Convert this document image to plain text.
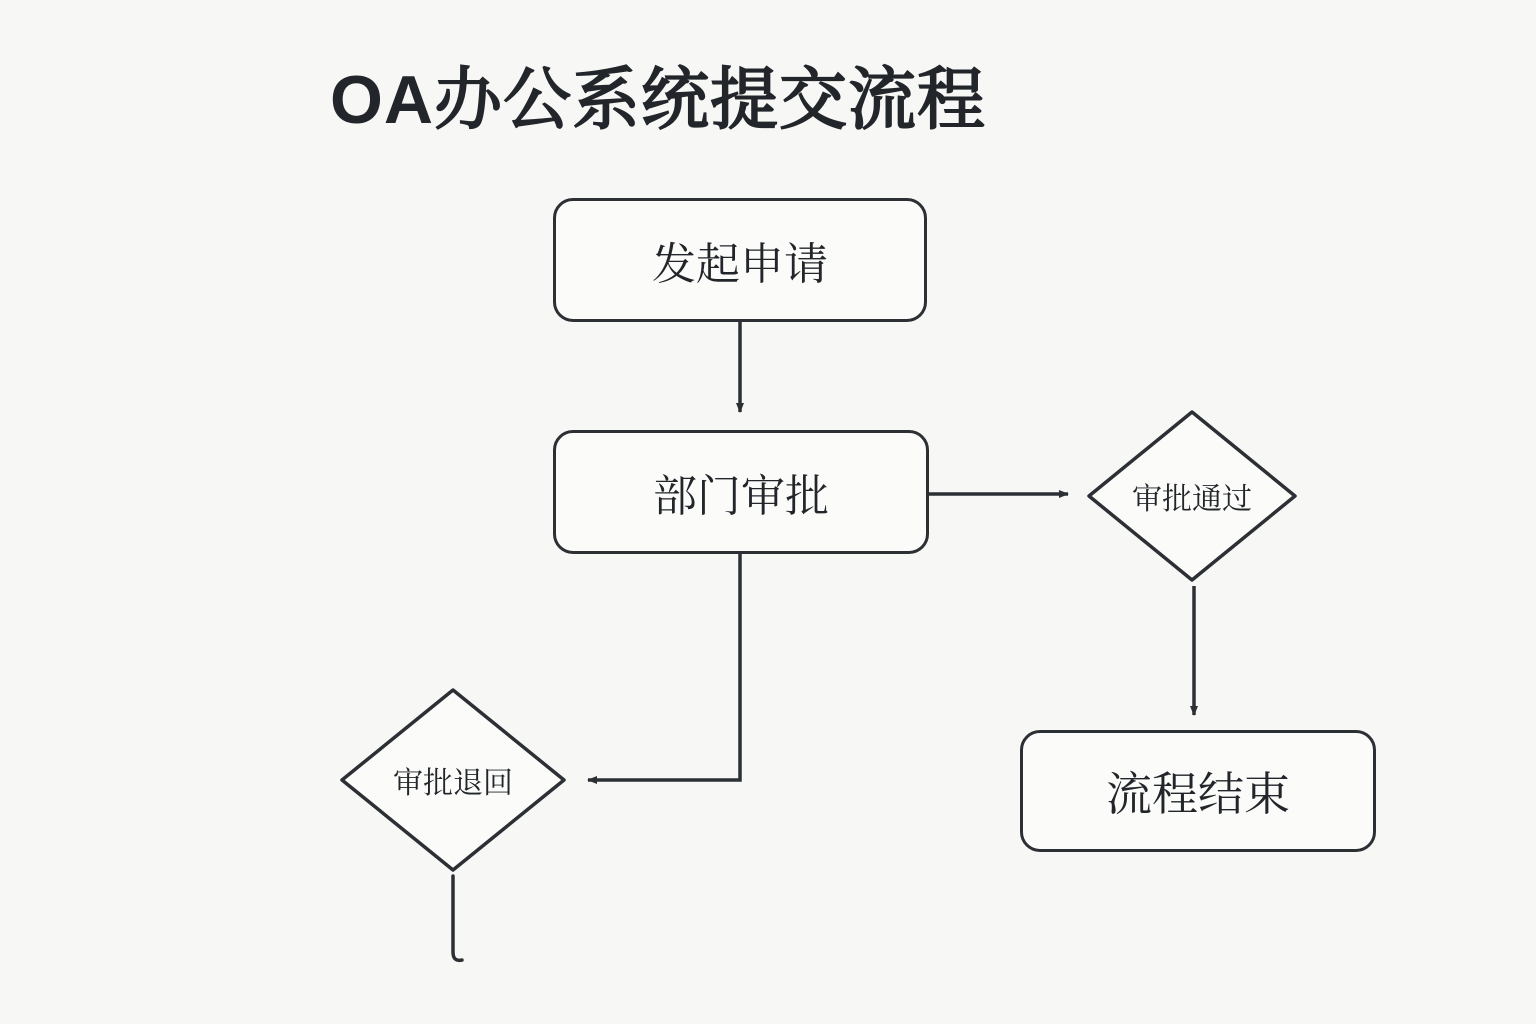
OA办公系统提交流程
发起申请
部门审批
流程结束
审批通过
审批退回
